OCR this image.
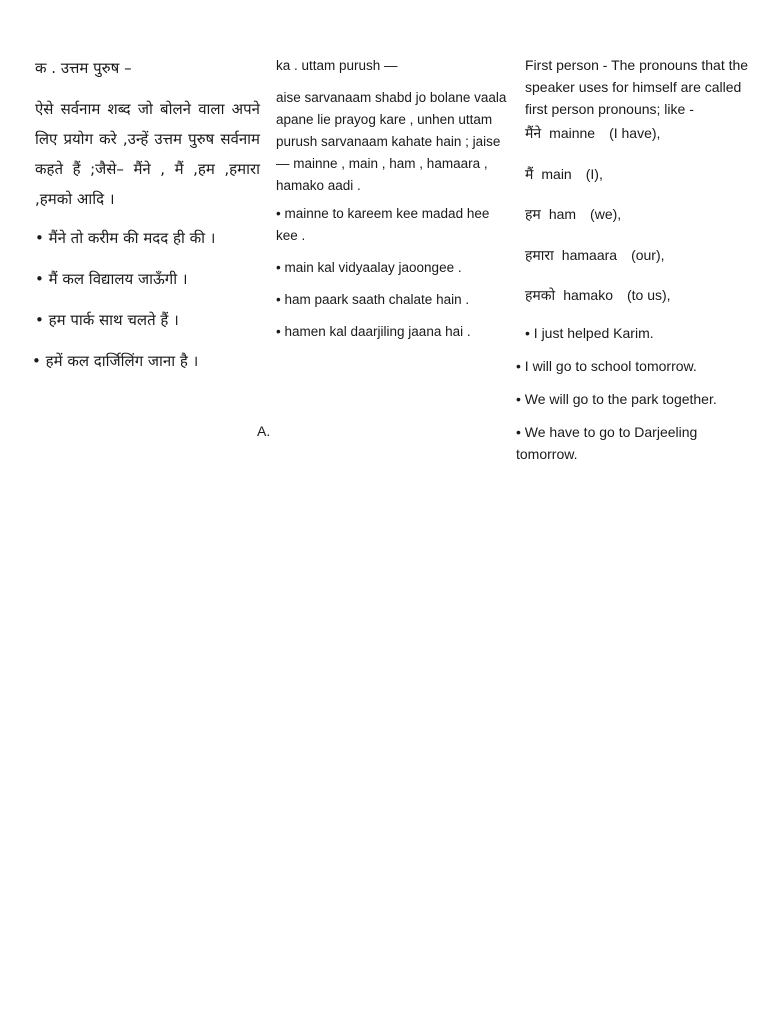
क . उत्तम पुरुष –

ऐसे सर्वनाम शब्द जो बोलने वाला अपने लिए प्रयोग करे ,उन्हें उत्तम पुरुष सर्वनाम कहते हैं ;जैसे– मैंने , मैं ,हम ,हमारा ,हमको आदि ।

• मैंने तो करीम की मदद ही की ।

• मैं कल विद्यालय जाऊँगी ।

• हम पार्क साथ चलते हैं ।

• हमें कल दार्जिलिंग जाना है ।

ka . uttam purush —

aise sarvanaam shabd jo bolane vaala apane lie prayog kare , unhen uttam purush sarvanaam kahate hain ; jaise— mainne , main , ham , hamaara , hamako aadi .

• mainne to kareem kee madad hee kee .

• main kal vidyaalay jaoongee .

• ham paark saath chalate hain .

• hamen kal daarjiling jaana hai .

First person - The pronouns that the speaker uses for himself are called first person pronouns; like -

मैंने mainne (I have),
मैं main (I),
हम ham (we),
हमारा hamaara (our),
हमको hamako (to us),

• I just helped Karim.

• I will go to school tomorrow.

• We will go to the park together.

• We have to go to Darjeeling tomorrow.

A.
